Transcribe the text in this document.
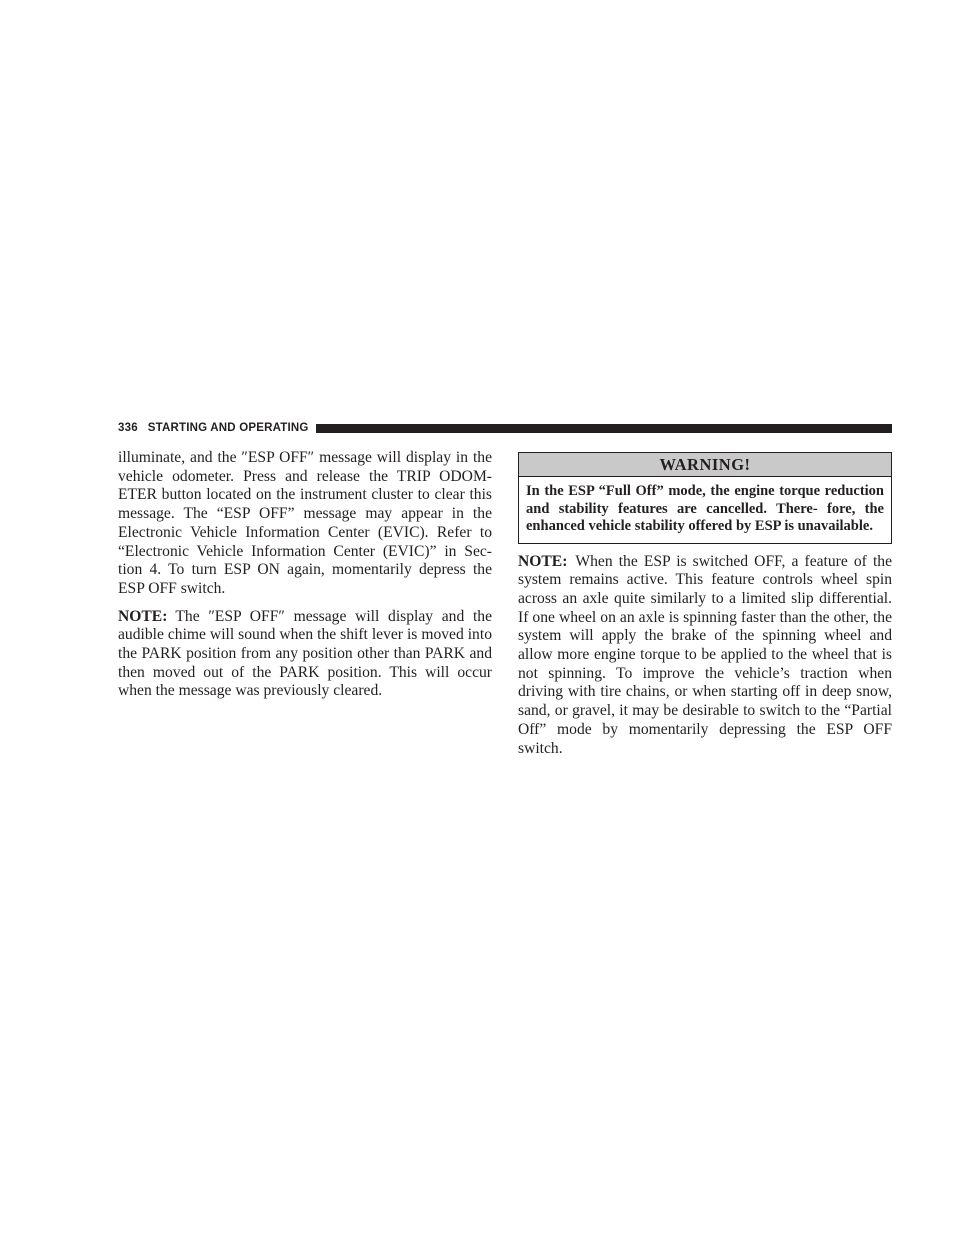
336 STARTING AND OPERATING

illuminate, and the ″ESP OFF″ message will display in the vehicle odometer. Press and release the TRIP ODOM- ETER button located on the instrument cluster to clear this message. The “ESP OFF” message may appear in the Electronic Vehicle Information Center (EVIC). Refer to “Electronic Vehicle Information Center (EVIC)” in Sec- tion 4. To turn ESP ON again, momentarily depress the ESP OFF switch.

NOTE: The ″ESP OFF″ message will display and the audible chime will sound when the shift lever is moved into the PARK position from any position other than PARK and then moved out of the PARK position. This will occur when the message was previously cleared.

WARNING!
In the ESP “Full Off” mode, the engine torque reduction and stability features are cancelled. There- fore, the enhanced vehicle stability offered by ESP is unavailable.

NOTE: When the ESP is switched OFF, a feature of the system remains active. This feature controls wheel spin across an axle quite similarly to a limited slip differential. If one wheel on an axle is spinning faster than the other, the system will apply the brake of the spinning wheel and allow more engine torque to be applied to the wheel that is not spinning. To improve the vehicle’s traction when driving with tire chains, or when starting off in deep snow, sand, or gravel, it may be desirable to switch to the “Partial Off” mode by momentarily depressing the ESP OFF switch.
